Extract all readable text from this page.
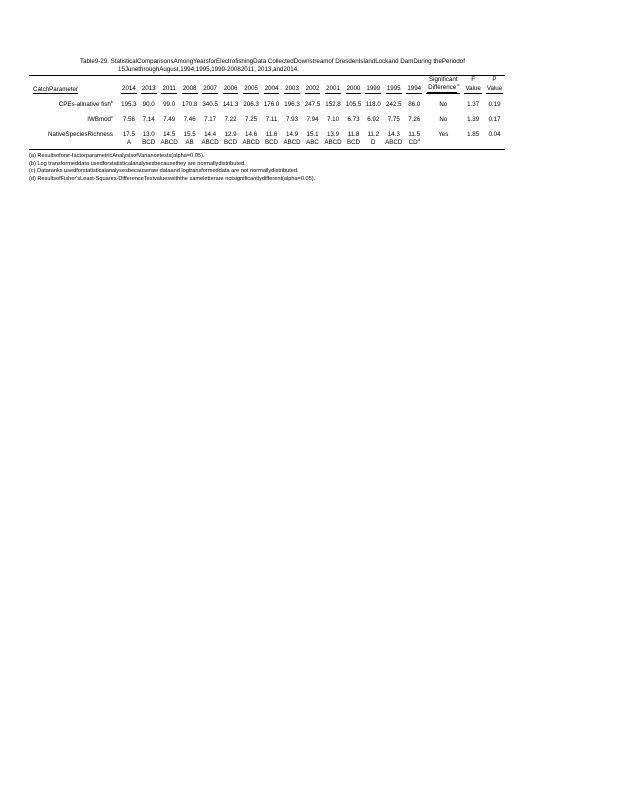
Table9-29. StatisticalComparisonsAmongYearsforElectrofishingData CollectedDownstreamof DresdenIslandLockand DamDuring thePeriodof
15JunethroughAugust,1994,1995,1999-20082011, 2013,and2014.
																Significant	F	P
CatchParameter	2014	2013	2011	2008	2007	2006	2005	2004	2003	2002	2001	2000	1999	1995	1994	Difference$^d$	Value	Value

CPEs-allnative fish$^b$	195.3	90.0	99.0	170.8	340.5	141.3	206.3	176.0	196.3	247.5	152.8	105.5	118.0	242.5	86.0	No	1.37	0.19

IWBmod$^c$	7.56	7.14	7.49	7.46	7.17	7.22	7.25	7.11	7.93	7.94	7.10	6.73	6.92	7.75	7.26	No	1.39	0.17

NativeSpeciesRichness	17.5	13.0	14.5	15.5	14.4	12.9	14.6	11.6	14.9	15.1	13.9	11.8	11.2	14.3	11.5	Yes	1.85	0.04
	A	BCD	ABCD	AB	ABCD	BCD	ABCD	BCD	ABCD	ABC	ABCD	BCD	D	ABCD	$CD^d$			
(a) Resultsofone-factorparametricAnalysisofVariancetests(alpha=0.05).
(b) Log transformeddata usedforstatisticalanalysesbecausethey are normallydistributed.
(c) Dataranks usedforstatisticalanalysesbecauseraw dataand logtransformeddata are not normallydistributed.
(d) ResultsofFisher'sLeast-Squares-DifferenceTestvalueswiththe sameletterare notsignificantlydifferent(alpha=0.05).
